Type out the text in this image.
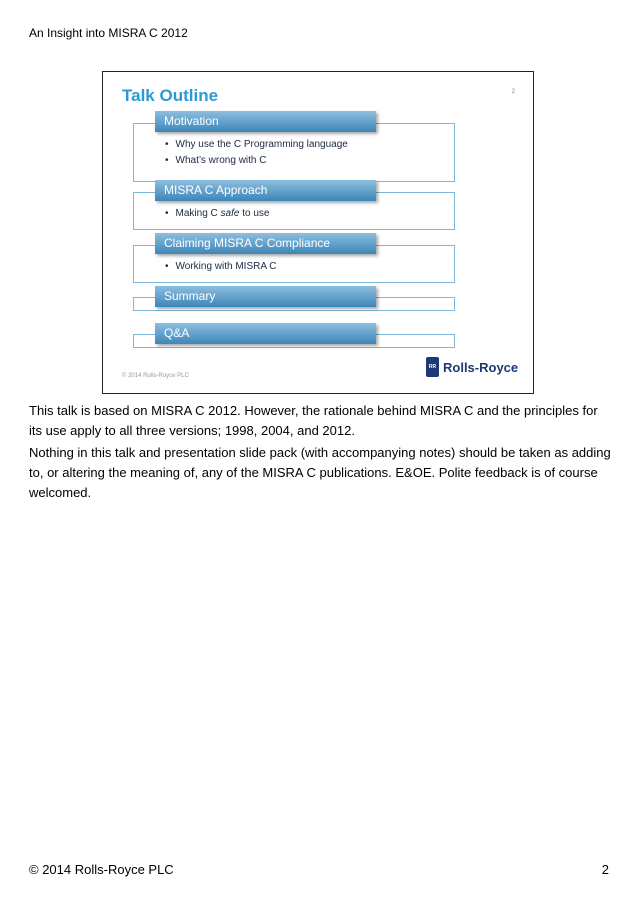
An Insight into MISRA C 2012
Talk Outline	2
Motivation
• Why use the C Programming language
• What’s wrong with C
MISRA C Approach
• Making C safe to use
Claiming MISRA C Compliance
• Working with MISRA C
Summary
Q&A
© 2014 Rolls-Royce PLC
RR Rolls-Royce
This talk is based on MISRA C 2012. However, the rationale behind MISRA C and the principles for its use apply to all three versions; 1998, 2004, and 2012.
Nothing in this talk and presentation slide pack (with accompanying notes) should be taken as adding to, or altering the meaning of, any of the MISRA C publications. E&OE. Polite feedback is of course welcomed.
© 2014 Rolls-Royce PLC	2
